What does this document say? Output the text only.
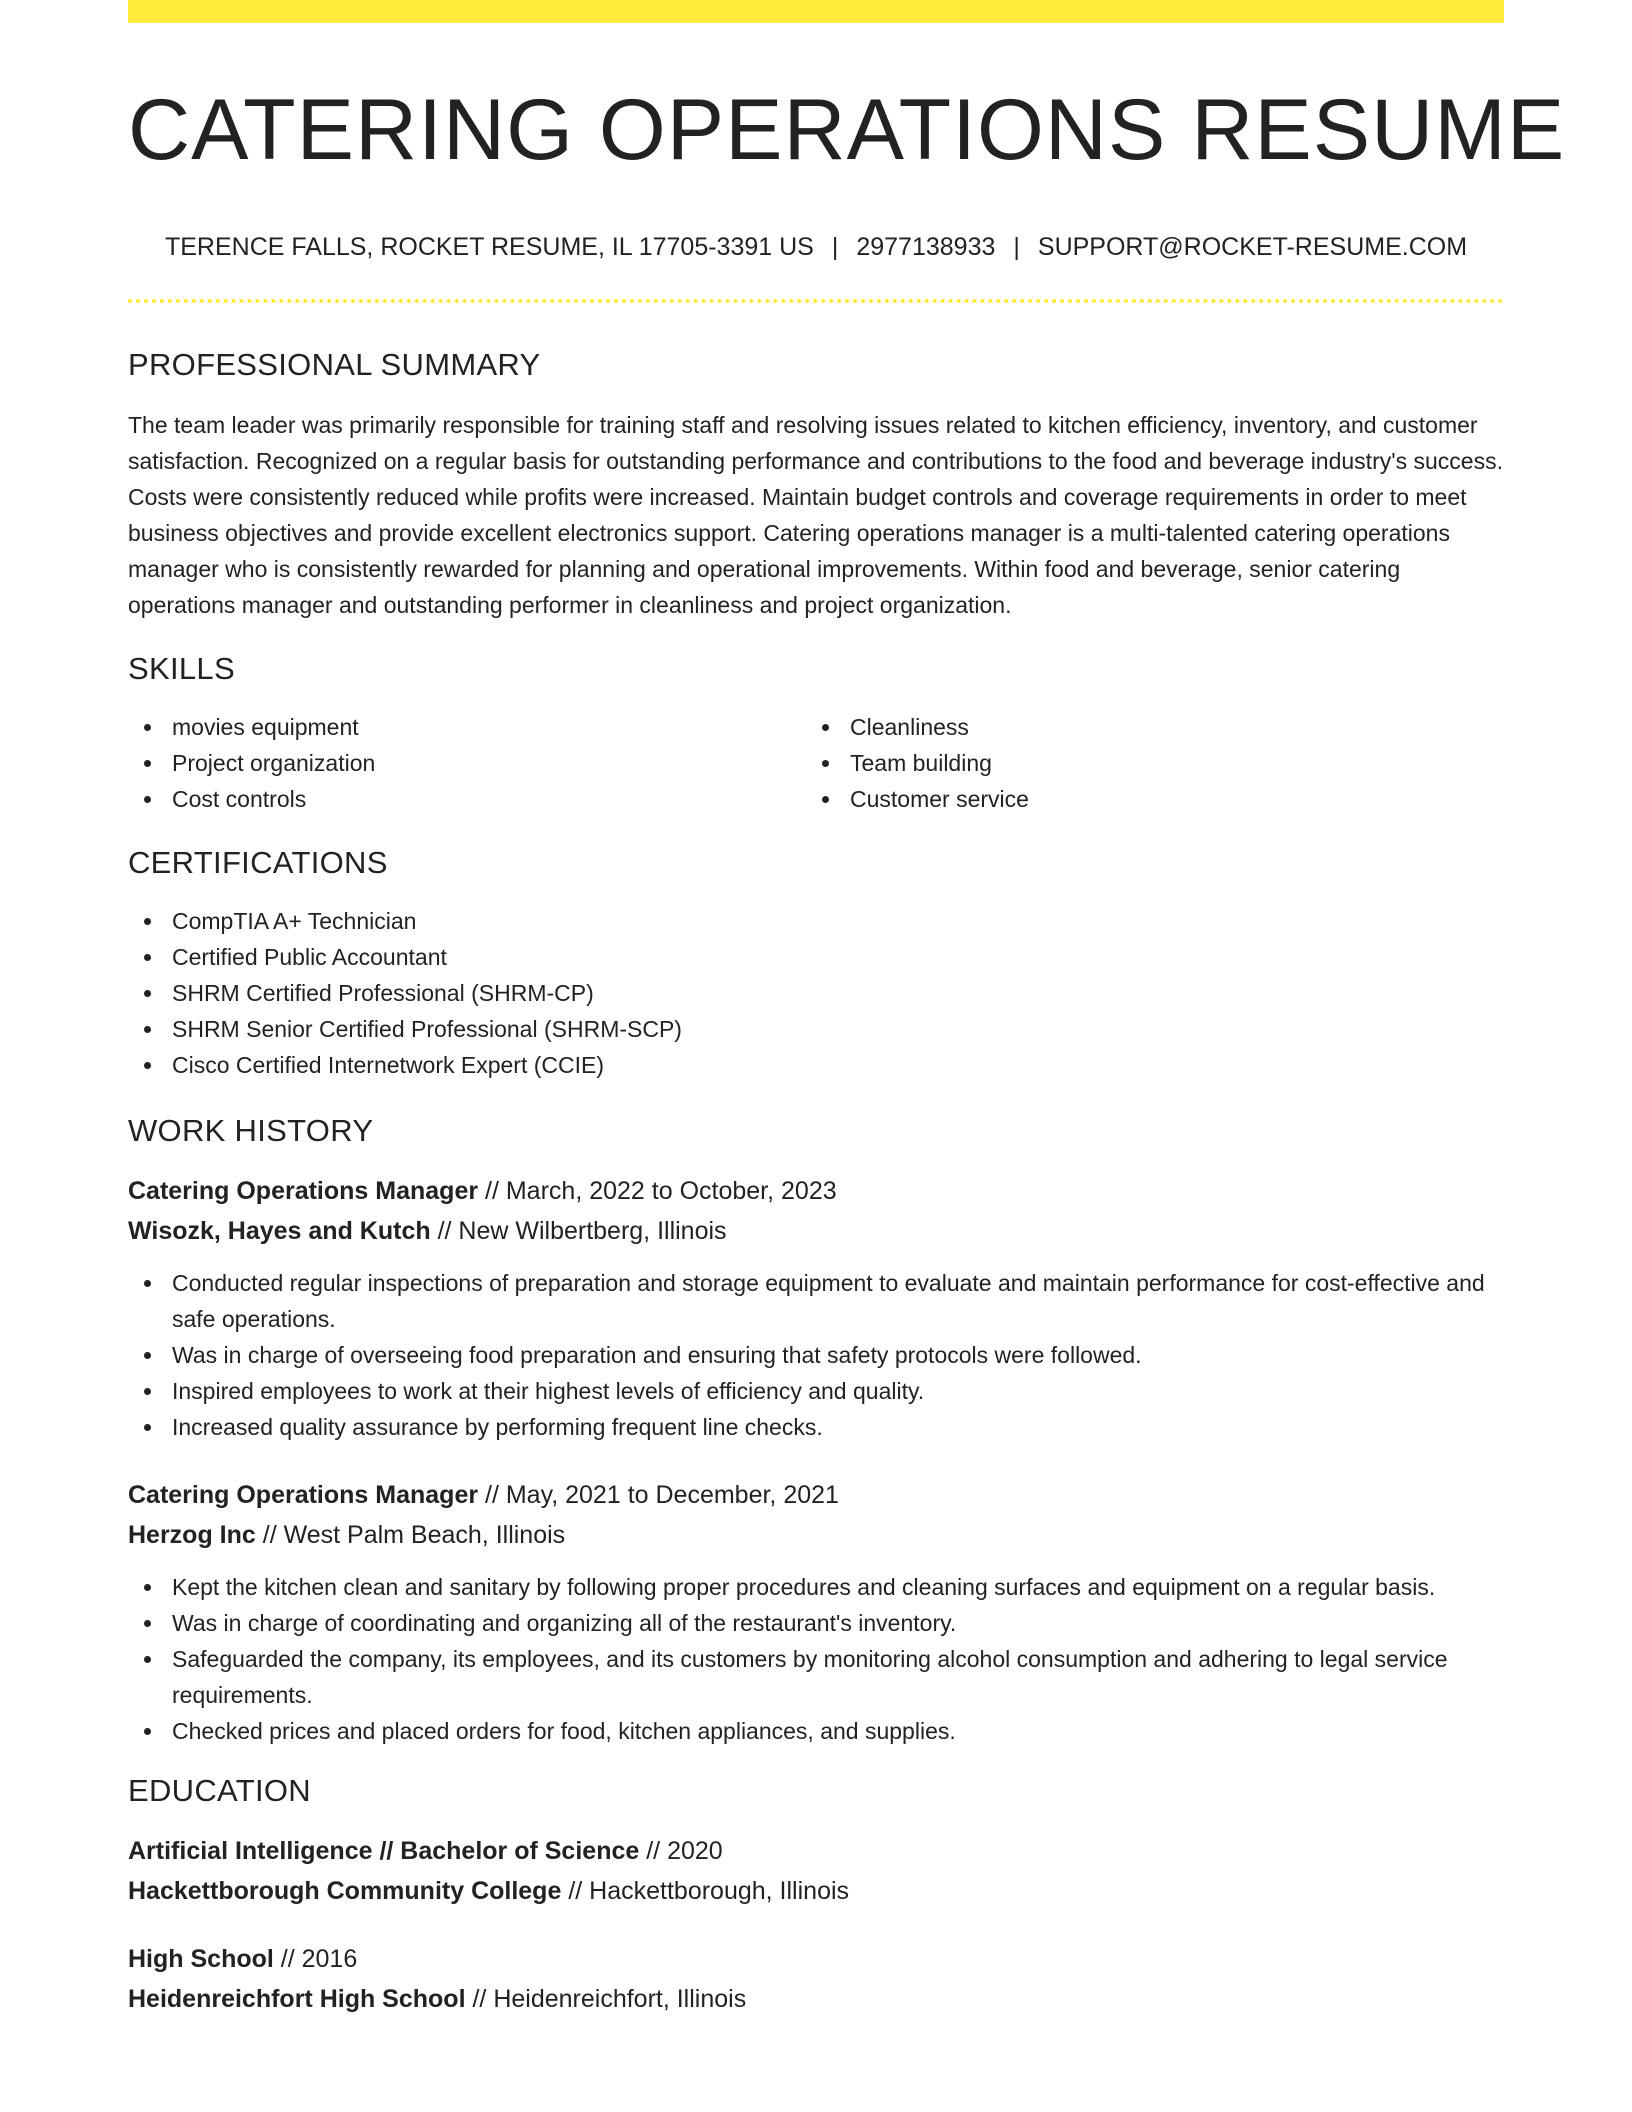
CATERING OPERATIONS RESUME
TERENCE FALLS, ROCKET RESUME, IL 17705-3391 US | 2977138933 | SUPPORT@ROCKET-RESUME.COM
PROFESSIONAL SUMMARY

The team leader was primarily responsible for training staff and resolving issues related to kitchen efficiency, inventory, and customer satisfaction. Recognized on a regular basis for outstanding performance and contributions to the food and beverage industry's success. Costs were consistently reduced while profits were increased. Maintain budget controls and coverage requirements in order to meet business objectives and provide excellent electronics support. Catering operations manager is a multi-talented catering operations manager who is consistently rewarded for planning and operational improvements. Within food and beverage, senior catering operations manager and outstanding performer in cleanliness and project organization.

SKILLS
movies equipment
Project organization
Cost controls
Cleanliness
Team building
Customer service
CERTIFICATIONS
CompTIA A+ Technician
Certified Public Accountant
SHRM Certified Professional (SHRM-CP)
SHRM Senior Certified Professional (SHRM-SCP)
Cisco Certified Internetwork Expert (CCIE)
WORK HISTORY
Catering Operations Manager // March, 2022 to October, 2023
Wisozk, Hayes and Kutch // New Wilbertberg, Illinois
Conducted regular inspections of preparation and storage equipment to evaluate and maintain performance for cost-effective and safe operations.
Was in charge of overseeing food preparation and ensuring that safety protocols were followed.
Inspired employees to work at their highest levels of efficiency and quality.
Increased quality assurance by performing frequent line checks.
Catering Operations Manager // May, 2021 to December, 2021
Herzog Inc // West Palm Beach, Illinois
Kept the kitchen clean and sanitary by following proper procedures and cleaning surfaces and equipment on a regular basis.
Was in charge of coordinating and organizing all of the restaurant's inventory.
Safeguarded the company, its employees, and its customers by monitoring alcohol consumption and adhering to legal service requirements.
Checked prices and placed orders for food, kitchen appliances, and supplies.
EDUCATION
Artificial Intelligence // Bachelor of Science // 2020
Hackettborough Community College // Hackettborough, Illinois
High School // 2016
Heidenreichfort High School // Heidenreichfort, Illinois
